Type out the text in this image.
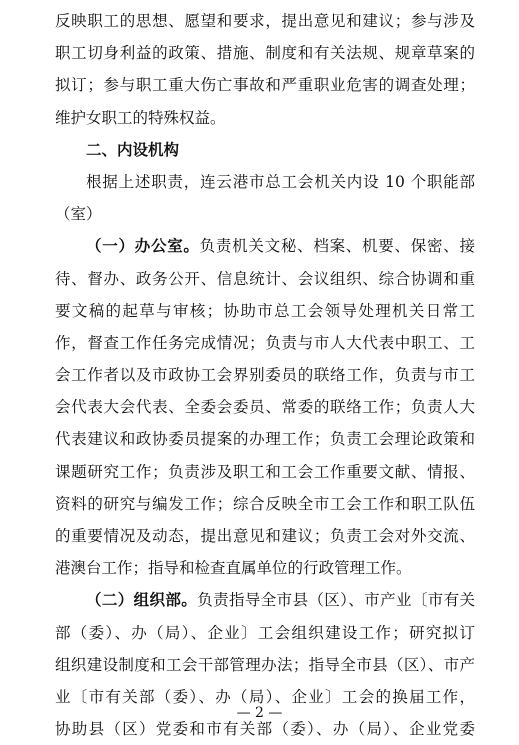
反映职工的思想、愿望和要求，提出意见和建议；参与涉及
职工切身利益的政策、措施、制度和有关法规、规章草案的
拟订；参与职工重大伤亡事故和严重职业危害的调查处理；
维护女职工的特殊权益。
二、内设机构
根据上述职责，连云港市总工会机关内设 10 个职能部
（室）
（一）办公室。负责机关文秘、档案、机要、保密、接
待、督办、政务公开、信息统计、会议组织、综合协调和重
要文稿的起草与审核；协助市总工会领导处理机关日常工
作，督查工作任务完成情况；负责与市人大代表中职工、工
会工作者以及市政协工会界别委员的联络工作，负责与市工
会代表大会代表、全委会委员、常委的联络工作；负责人大
代表建议和政协委员提案的办理工作；负责工会理论政策和
课题研究工作；负责涉及职工和工会工作重要文献、情报、
资料的研究与编发工作；综合反映全市工会工作和职工队伍
的重要情况及动态，提出意见和建议；负责工会对外交流、
港澳台工作；指导和检查直属单位的行政管理工作。
（二）组织部。负责指导全市县（区）、市产业〔市有关
部（委）、办（局）、企业〕工会组织建设工作；研究拟订
组织建设制度和工会干部管理办法；指导全市县（区）、市产
业〔市有关部（委）、办（局）、企业〕工会的换届工作，
协助县（区）党委和市有关部（委）、办（局）、企业党委
— 2 —
